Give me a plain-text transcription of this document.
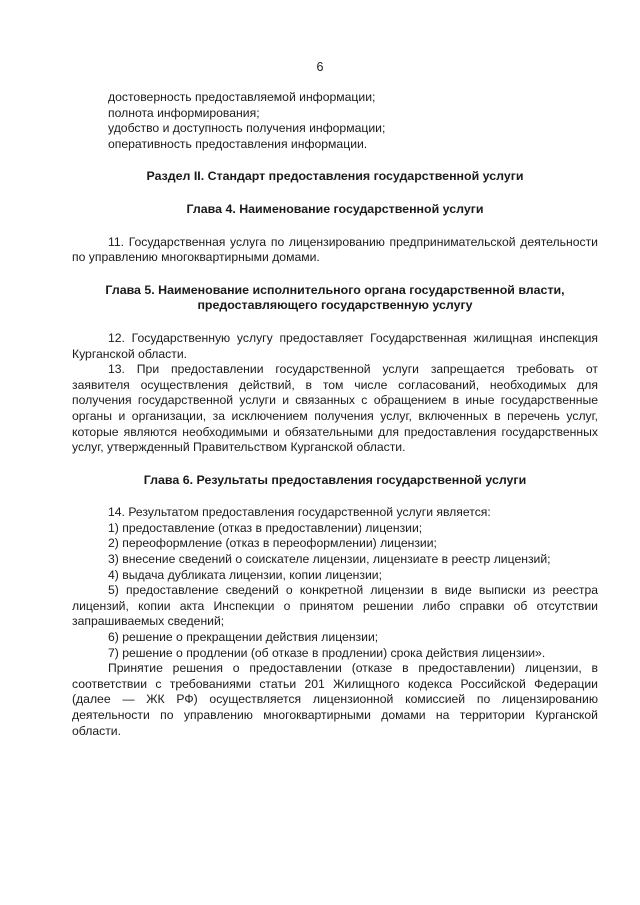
6

достоверность предоставляемой информации;

полнота информирования;

удобство и доступность получения информации;

оперативность предоставления информации.

Раздел II. Стандарт предоставления государственной услуги

Глава 4. Наименование государственной услуги

11. Государственная услуга по лицензированию предпринимательской деятельности по управлению многоквартирными домами.

Глава 5. Наименование исполнительного органа государственной власти,

предоставляющего государственную услугу

12. Государственную услугу предоставляет Государственная жилищная инспекция Курганской области.

13. При предоставлении государственной услуги запрещается требовать от заявителя осуществления действий, в том числе согласований, необходимых для получения государственной услуги и связанных с обращением в иные государственные органы и организации, за исключением получения услуг, включенных в перечень услуг, которые являются необходимыми и обязательными для предоставления государственных услуг, утвержденный Правительством Курганской области.

Глава 6. Результаты предоставления государственной услуги

14. Результатом предоставления государственной услуги является:

1) предоставление (отказ в предоставлении) лицензии;

2) переоформление (отказ в переоформлении) лицензии;

3) внесение сведений о соискателе лицензии, лицензиате в реестр лицензий;

4) выдача дубликата лицензии, копии лицензии;

5) предоставление сведений о конкретной лицензии в виде выписки из реестра лицензий, копии акта Инспекции о принятом решении либо справки об отсутствии запрашиваемых сведений;

6) решение о прекращении действия лицензии;

7) решение о продлении (об отказе в продлении) срока действия лицензии».

Принятие решения о предоставлении (отказе в предоставлении) лицензии, в соответствии с требованиями статьи 201 Жилищного кодекса Российской Федерации (далее — ЖК РФ) осуществляется лицензионной комиссией по лицензированию деятельности по управлению многоквартирными домами на территории Курганской области.
